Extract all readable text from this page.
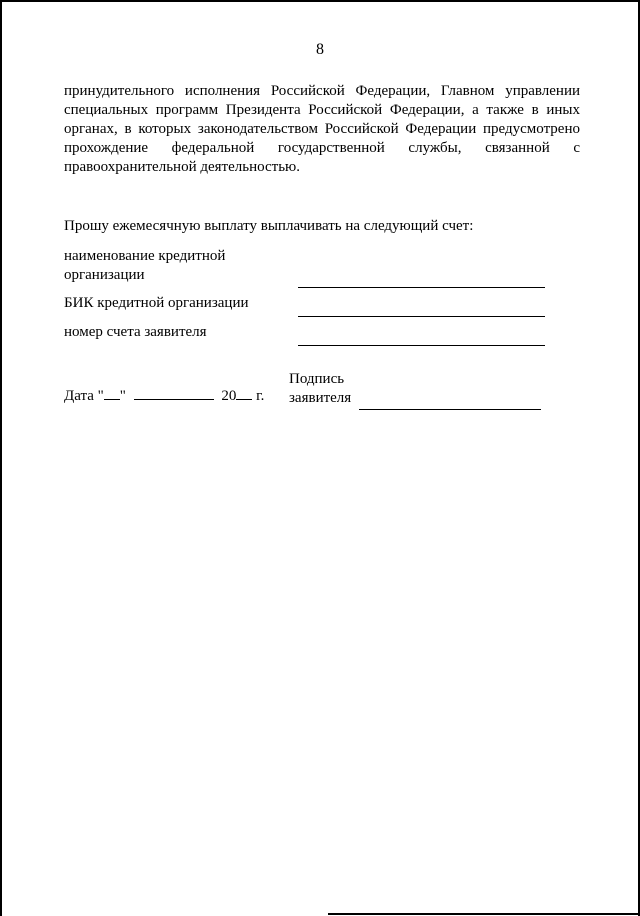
8
принудительного исполнения Российской Федерации, Главном управлении
специальных программ Президента Российской Федерации, а также в иных
органах, в которых законодательством Российской Федерации предусмотрено
прохождение федеральной государственной службы, связанной с
правоохранительной деятельностью.
Прошу ежемесячную выплату выплачивать на следующий счет:
наименование кредитной
организации
БИК кредитной организации
номер счета заявителя
Дата " "	20 г.
Подпись
заявителя
